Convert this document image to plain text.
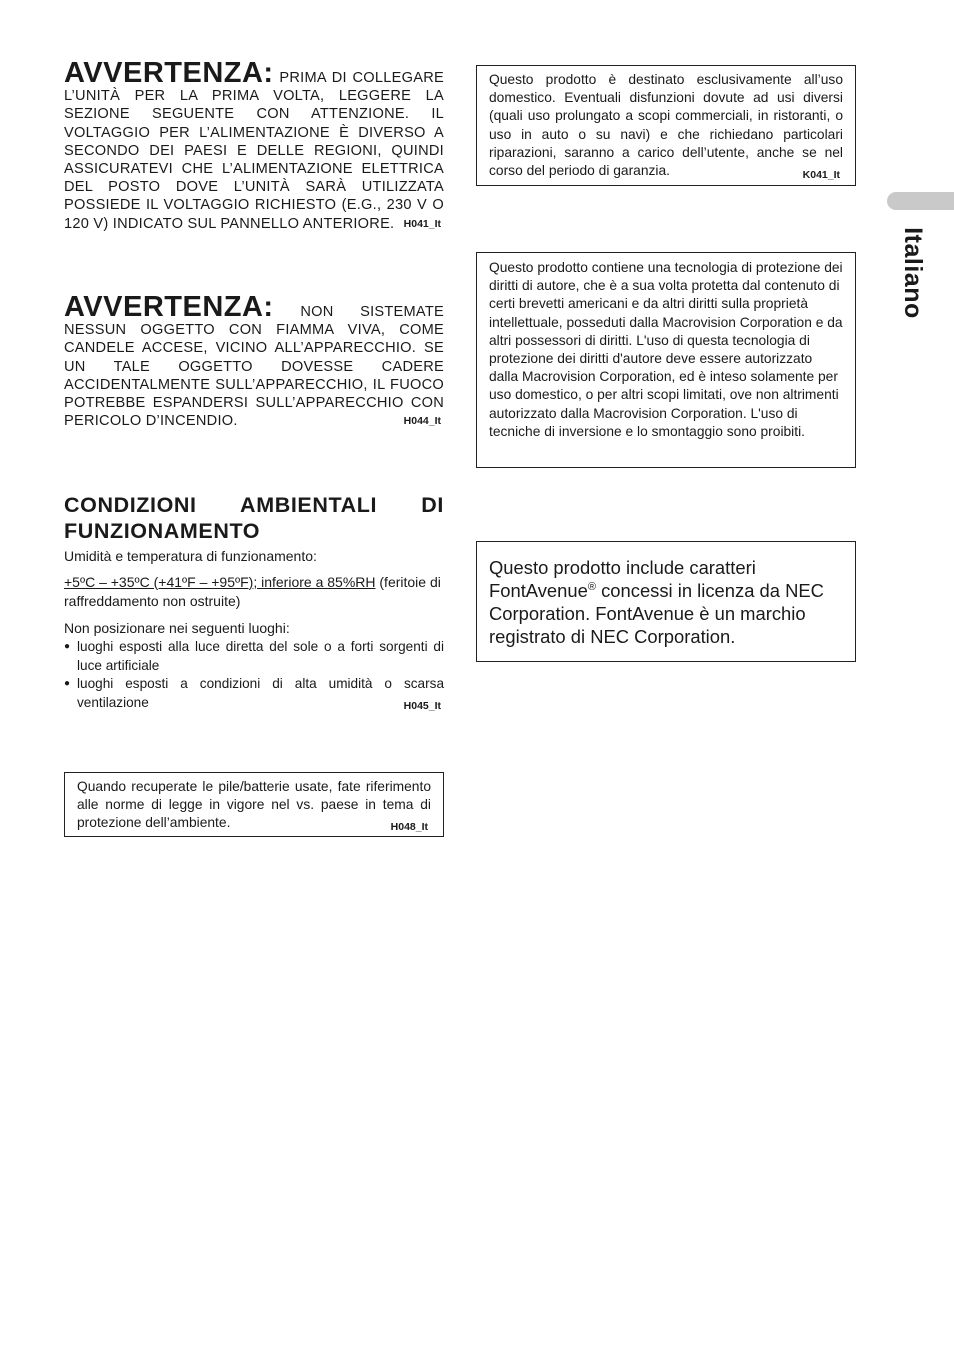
Italiano
AVVERTENZA: PRIMA DI COLLEGARE L’UNITÀ PER LA PRIMA VOLTA, LEGGERE LA SEZIONE SEGUENTE CON ATTENZIONE. IL VOLTAGGIO PER L’ALIMENTAZIONE È DIVERSO A SECONDO DEI PAESI E DELLE REGIONI, QUINDI ASSICURATEVI CHE L’ALIMENTAZIONE ELETTRICA DEL POSTO DOVE L’UNITÀ SARÀ UTILIZZATA POSSIEDE IL VOLTAGGIO RICHIESTO (E.G., 230 V O 120 V) INDICATO SUL PANNELLO ANTERIORE. H041_It
AVVERTENZA: NON SISTEMATE NESSUN OGGETTO CON FIAMMA VIVA, COME CANDELE ACCESE, VICINO ALL’APPARECCHIO. SE UN TALE OGGETTO DOVESSE CADERE ACCIDENTALMENTE SULL’APPARECCHIO, IL FUOCO POTREBBE ESPANDERSI SULL’APPARECCHIO CON PERICOLO D’INCENDIO.	H044_It
CONDIZIONI AMBIENTALI DI FUNZIONAMENTO
Umidità e temperatura di funzionamento:
+5ºC – +35ºC (+41ºF – +95ºF); inferiore a 85%RH (feritoie di raffreddamento non ostruite)
Non posizionare nei seguenti luoghi:
● luoghi esposti alla luce diretta del sole o a forti sorgenti di luce artificiale
● luoghi esposti a condizioni di alta umidità o scarsa ventilazione	H045_It
Quando recuperate le pile/batterie usate, fate riferimento alle norme di legge in vigore nel vs. paese in tema di protezione dell’ambiente.	H048_It
Questo prodotto è destinato esclusivamente all’uso domestico. Eventuali disfunzioni dovute ad usi diversi (quali uso prolungato a scopi commerciali, in ristoranti, o uso in auto o su navi) e che richiedano particolari riparazioni, saranno a carico dell’utente, anche se nel corso del periodo di garanzia.	K041_It
Questo prodotto contiene una tecnologia di protezione dei diritti di autore, che è a sua volta protetta dal contenuto di certi brevetti americani e da altri diritti sulla proprietà intellettuale, posseduti dalla Macrovision Corporation e da altri possessori di diritti. L'uso di questa tecnologia di protezione dei diritti d'autore deve essere autorizzato dalla Macrovision Corporation, ed è inteso solamente per uso domestico, o per altri scopi limitati, ove non altrimenti autorizzato dalla Macrovision Corporation. L'uso di tecniche di inversione e lo smontaggio sono proibiti.
Questo prodotto include caratteri FontAvenue® concessi in licenza da NEC Corporation. FontAvenue è un marchio registrato di NEC Corporation.
